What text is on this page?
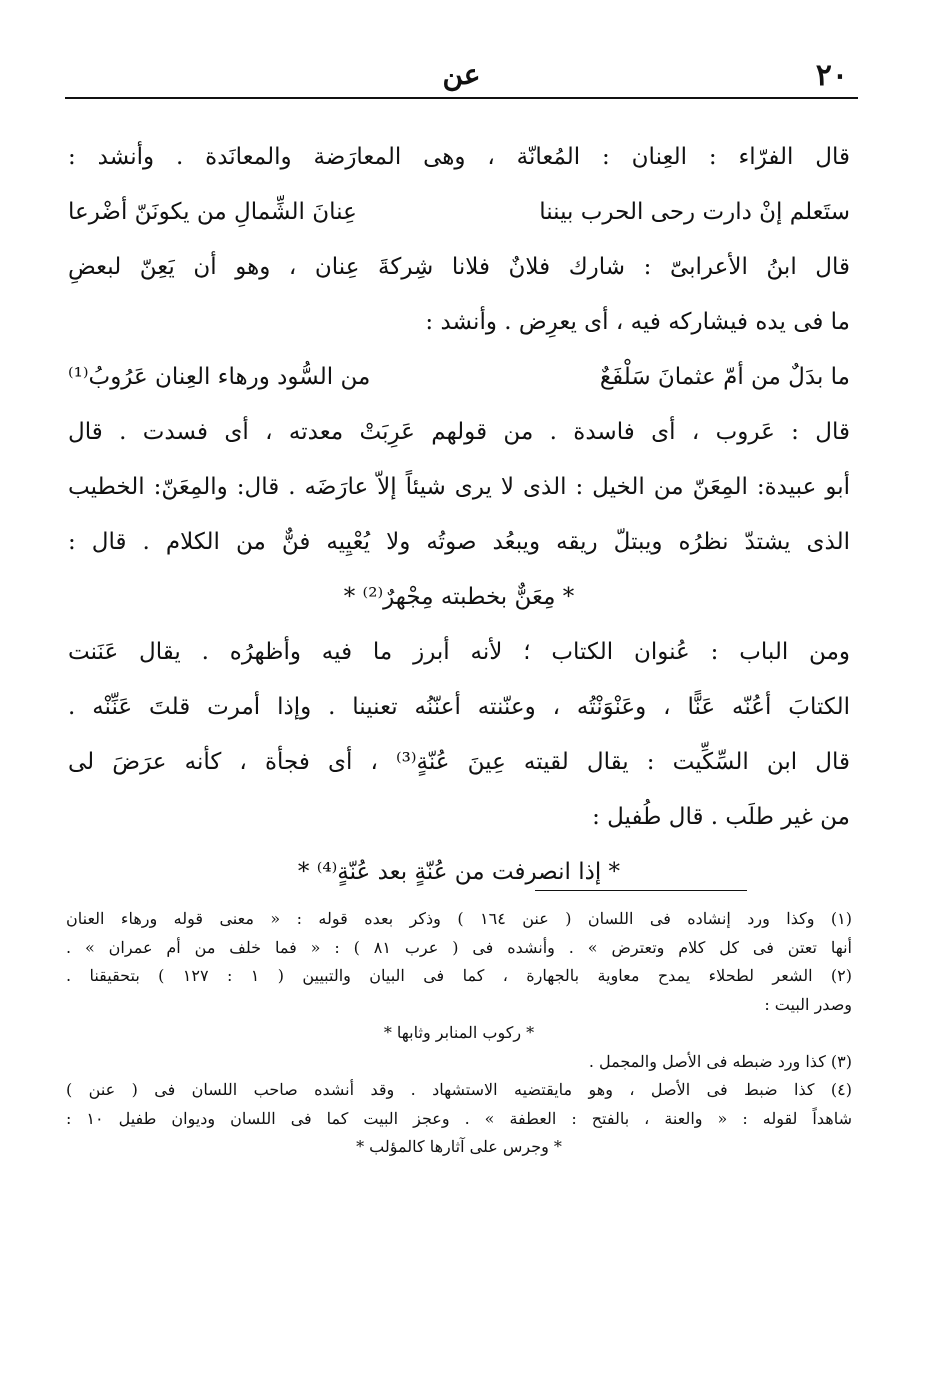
٢٠
عن
قال الفرّاء : العِنان : المُعانّة ، وهى المعارَضة والمعانَدة . وأنشد :
ستَعلم إنْ دارت رحى الحرب بيننا
عِنانَ الشِّمالِ من يكونَنّ أضْرعا
قال ابنُ الأعرابىّ : شارك فلانٌ فلانا شِركةَ عِنان ، وهو أن يَعِنّ لبعضِ
ما فى يده فيشاركه فيه ، أى يعرِض . وأنشد :
ما بدَلٌ من أمّ عثمانَ سَلْفَعٌ
من السُّود ورهاء العِنان عَرُوبُ⁽¹⁾
قال : عَروب ، أى فاسدة . من قولهم عَرِبَتْ معدته ، أى فسدت . قال
أبو عبيدة: المِعَنّ من الخيل : الذى لا يرى شيئاً إلاّ عارَضَه . قال: والمِعَنّ: الخطيب
الذى يشتدّ نظرُه ويبتلّ ريقه ويبعُد صوتُه ولا يُعْيِيه فنٌّ من الكلام . قال :
* مِعَنٌّ بخطبته مِجْهرٌ⁽²⁾ *
ومن الباب : عُنوان الكتاب ؛ لأنه أبرز ما فيه وأظهرُه . يقال عَنَنت
الكتابَ أعُنّه عَنًّا ، وعَنْوَنْتُه ، وعنّنته أعنّنُه تعنينا . وإذا أمرت قلتَ عَنِّنْه .
قال ابن السِّكِّيت : يقال لقيته عِينَ عُنّةٍ⁽³⁾ ، أى فجأة ، كأنه عرَضَ لى
من غير طلَب . قال طُفيل :
* إذا انصرفت من عُنّةٍ بعد عُنّةٍ⁽⁴⁾ *
(١) وكذا ورد إنشاده فى اللسان ( عنن ١٦٤ ) وذكر بعده قوله : « معنى قوله ورهاء العنان
أنها تعتن فى كل كلام وتعترض » . وأنشده فى ( عرب ٨١ ) : « فما خلف من أم عمران » .
(٢) الشعر لطحلاء يمدح معاوية بالجهارة ، كما فى البيان والتبيين ( ١ : ١٢٧ ) بتحقيقنا .
وصدر البيت :
* ركوب المنابر وثابها *
(٣) كذا ورد ضبطه فى الأصل والمجمل .
(٤) كذا ضبط فى الأصل ، وهو مايقتضيه الاستشهاد . وقد أنشده صاحب اللسان فى ( عنن )
شاهداً لقوله : « والعنة ، بالفتح : العطفة » . وعجز البيت كما فى اللسان وديوان طفيل ١٠ :
* وجرس على آثارها كالمؤلب *
